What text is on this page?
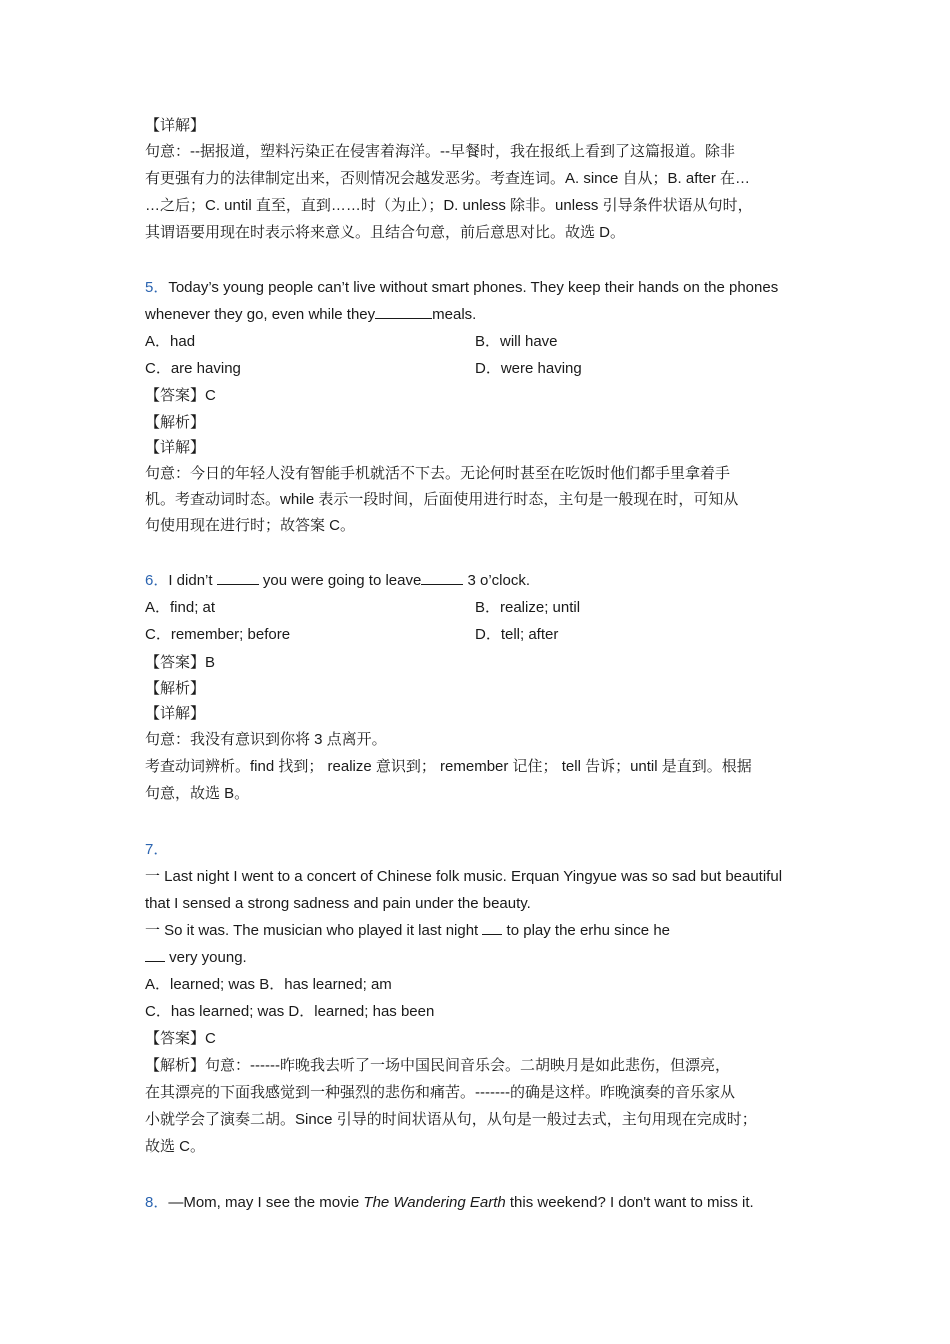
【详解】
句意：--据报道，塑料污染正在侵害着海洋。--早餐时，我在报纸上看到了这篇报道。除非
有更强有力的法律制定出来，否则情况会越发恶劣。考查连词。A. since 自从；B. after 在…
…之后；C. until 直至，直到……时（为止）；D. unless 除非。unless 引导条件状语从句时，
其谓语要用现在时表示将来意义。且结合句意，前后意思对比。故选 D。
5．Today’s young people can’t live without smart phones. They keep their hands on the phones
whenever they go, even while they	meals.
A．had	B．will have
C．are having	D．were having
【答案】C
【解析】
【详解】
句意：今日的年轻人没有智能手机就活不下去。无论何时甚至在吃饭时他们都手里拿着手
机。考查动词时态。while 表示一段时间，后面使用进行时态，主句是一般现在时，可知从
句使用现在进行时；故答案 C。
6．I didn’t	you were going to leave	3 o’clock.
A．find; at	B．realize; until
C．remember; before	D．tell; after
【答案】B
【解析】
【详解】
句意：我没有意识到你将 3 点离开。
考查动词辨析。find 找到； realize 意识到； remember 记住； tell 告诉；until 是直到。根据
句意，故选 B。
7．
一 Last night I went to a concert of Chinese folk music. Erquan Yingyue was so sad but beautiful
that I sensed a strong sadness and pain under the beauty.
一 So it was. The musician who played it last night  to play the erhu since he
very young.
A．learned; was B．has learned; am
C．has learned; was D．learned; has been
【答案】C
【解析】句意：------昨晚我去听了一场中国民间音乐会。二胡映月是如此悲伤，但漂亮，
在其漂亮的下面我感觉到一种强烈的悲伤和痛苦。-------的确是这样。昨晚演奏的音乐家从
小就学会了演奏二胡。Since 引导的时间状语从句，从句是一般过去式，主句用现在完成时；
故选 C。
8．—Mom, may I see the movie The Wandering Earth this weekend? I don't want to miss it.
